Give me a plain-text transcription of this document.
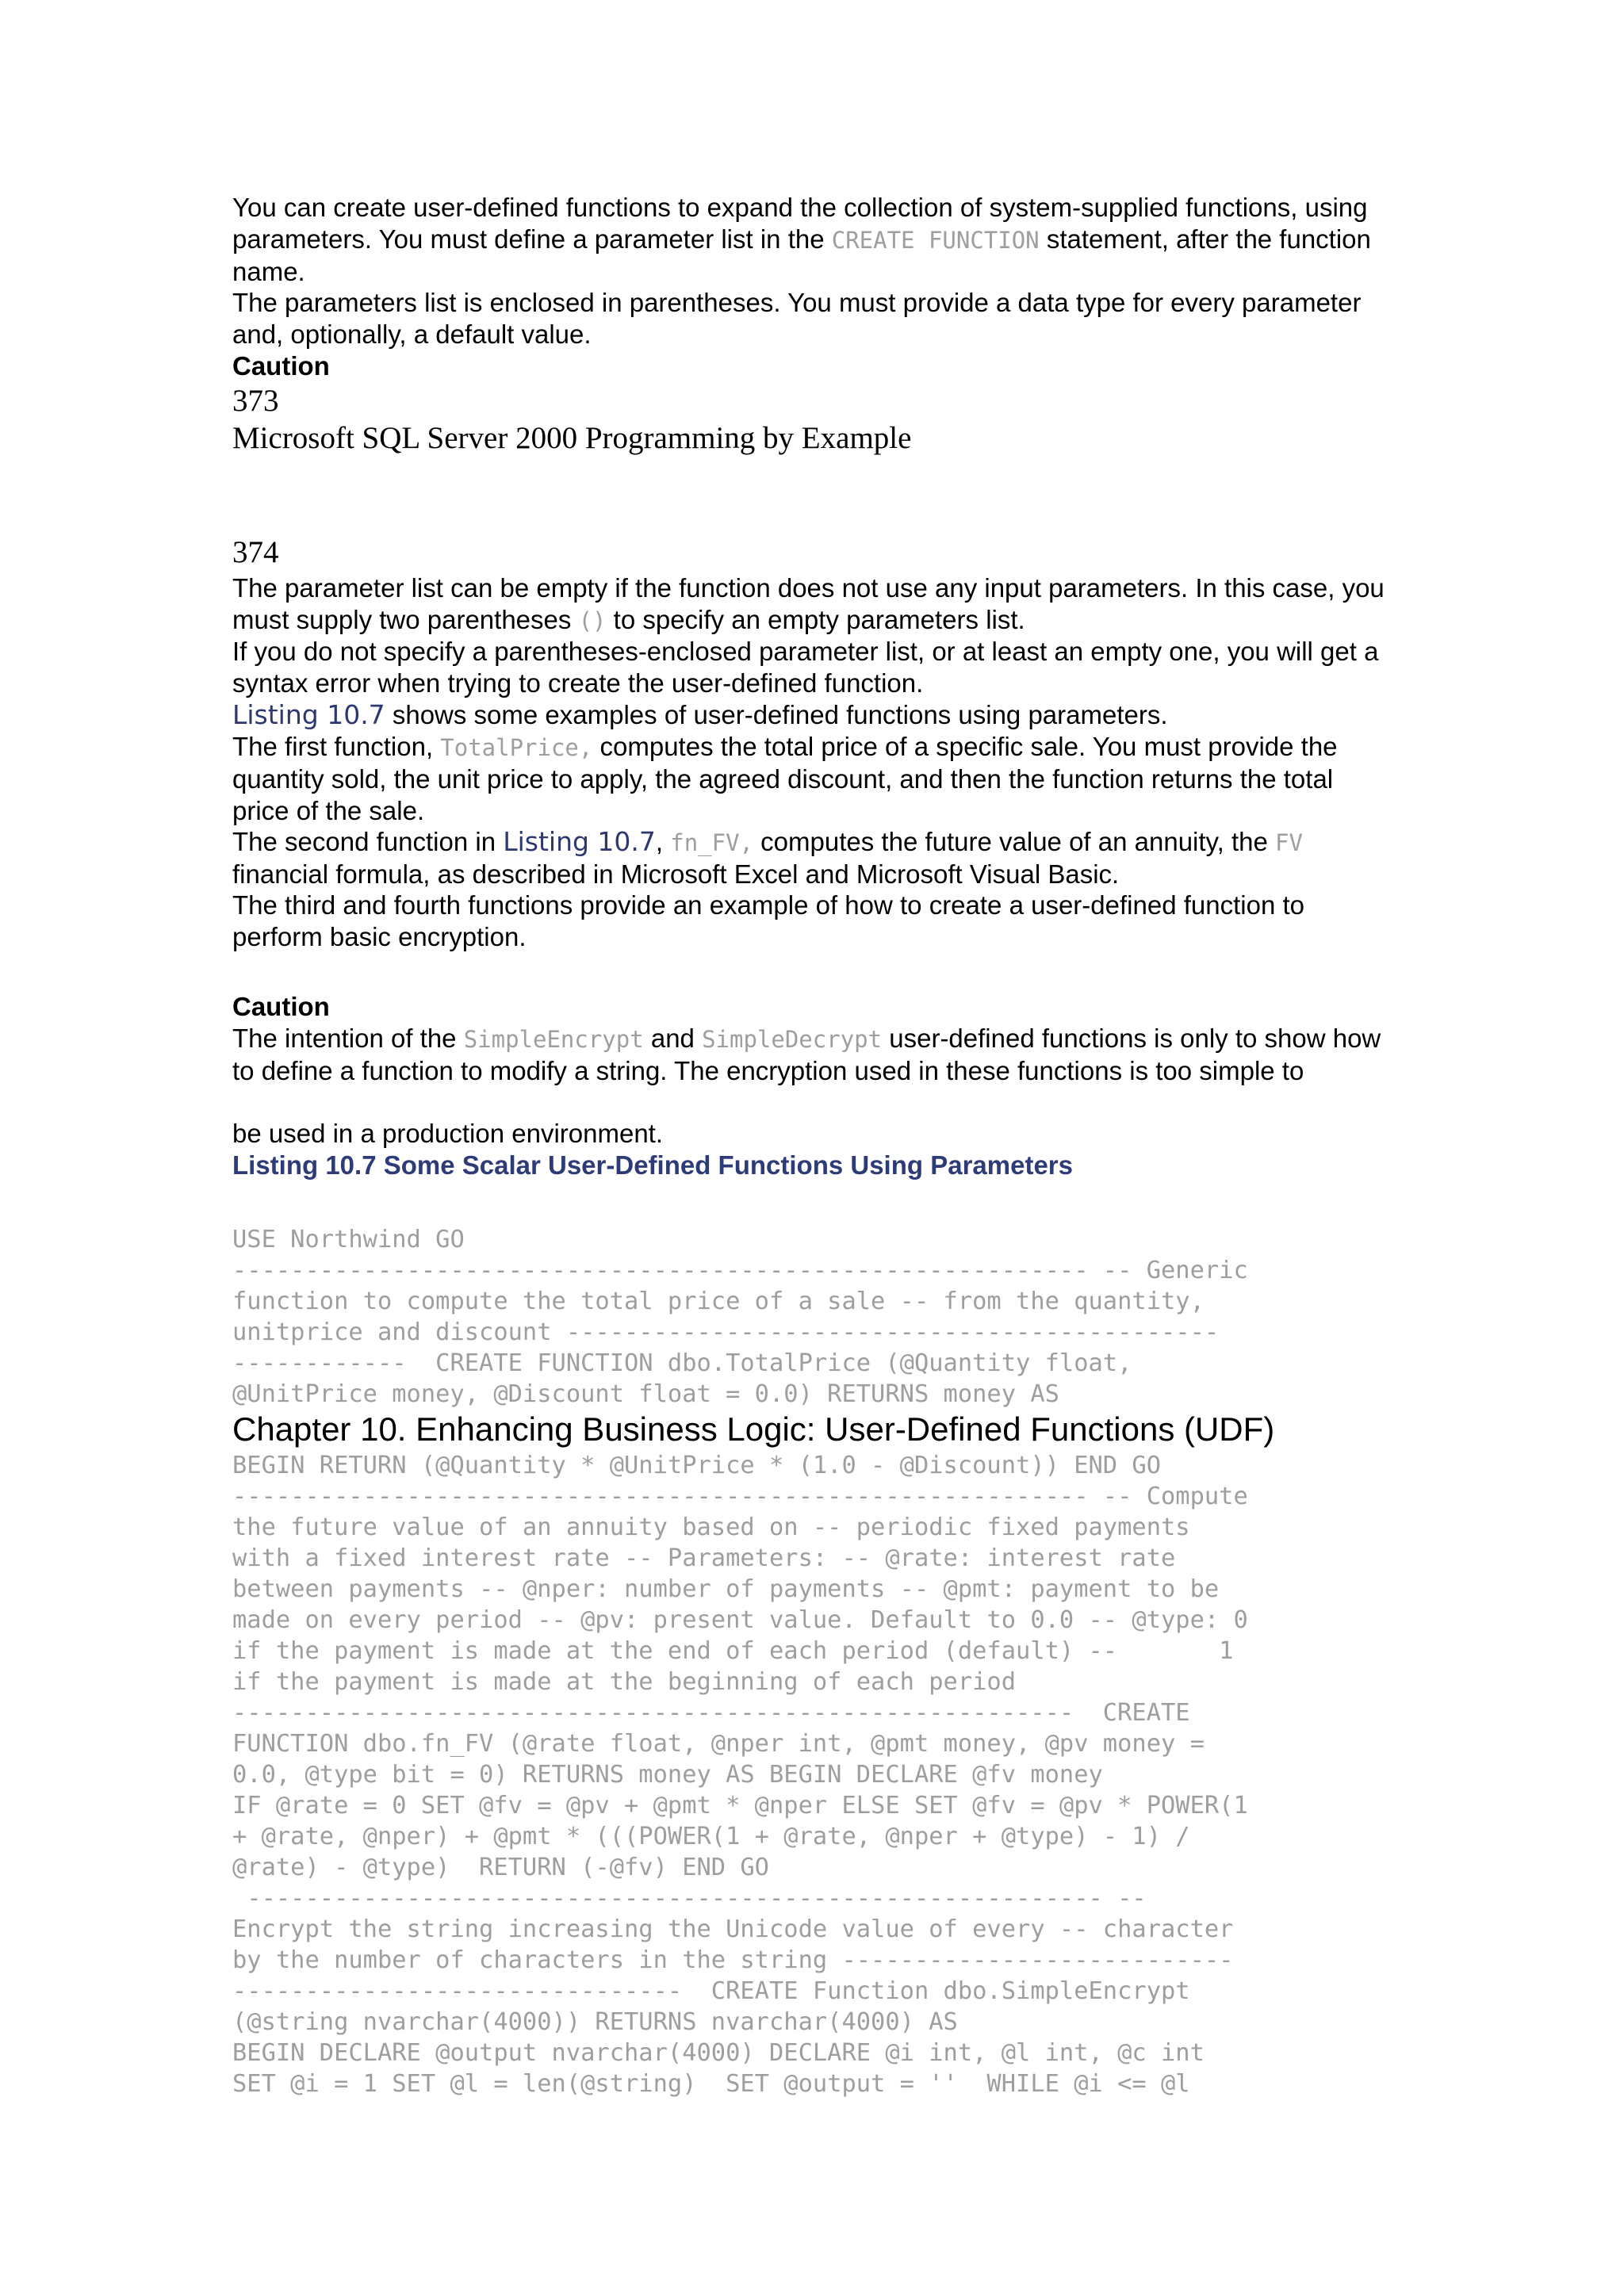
You can create user-defined functions to expand the collection of system-supplied functions, using parameters. You must define a parameter list in the CREATE FUNCTION statement, after the function name.

The parameters list is enclosed in parentheses. You must provide a data type for every parameter and, optionally, a default value.

Caution

373

Microsoft SQL Server 2000 Programming by Example

374

The parameter list can be empty if the function does not use any input parameters. In this case, you must supply two parentheses () to specify an empty parameters list.

If you do not specify a parentheses-enclosed parameter list, or at least an empty one, you will get a syntax error when trying to create the user-defined function.

Listing 10.7 shows some examples of user-defined functions using parameters.

The first function, TotalPrice, computes the total price of a specific sale. You must provide the quantity sold, the unit price to apply, the agreed discount, and then the function returns the total price of the sale.

The second function in Listing 10.7, fn_FV, computes the future value of an annuity, the FV financial formula, as described in Microsoft Excel and Microsoft Visual Basic.

The third and fourth functions provide an example of how to create a user-defined function to perform basic encryption.

Caution

The intention of the SimpleEncrypt and SimpleDecrypt user-defined functions is only to show how to define a function to modify a string. The encryption used in these functions is too simple to

be used in a production environment.

Listing 10.7 Some Scalar User-Defined Functions Using Parameters

USE Northwind GO
----------------------------------------------------------- -- Generic
function to compute the total price of a sale -- from the quantity,
unitprice and discount ---------------------------------------------
------------  CREATE FUNCTION dbo.TotalPrice (@Quantity float,
@UnitPrice money, @Discount float = 0.0) RETURNS money AS

Chapter 10. Enhancing Business Logic: User-Defined Functions (UDF)

BEGIN RETURN (@Quantity * @UnitPrice * (1.0 - @Discount)) END GO
----------------------------------------------------------- -- Compute
the future value of an annuity based on -- periodic fixed payments
with a fixed interest rate -- Parameters: -- @rate: interest rate
between payments -- @nper: number of payments -- @pmt: payment to be
made on every period -- @pv: present value. Default to 0.0 -- @type: 0
if the payment is made at the end of each period (default) --       1
if the payment is made at the beginning of each period
----------------------------------------------------------  CREATE
FUNCTION dbo.fn_FV (@rate float, @nper int, @pmt money, @pv money =
0.0, @type bit = 0) RETURNS money AS BEGIN DECLARE @fv money
IF @rate = 0 SET @fv = @pv + @pmt * @nper ELSE SET @fv = @pv * POWER(1
+ @rate, @nper) + @pmt * (((POWER(1 + @rate, @nper + @type) - 1) /
@rate) - @type)  RETURN (-@fv) END GO
----------------------------------------------------------- --
Encrypt the string increasing the Unicode value of every -- character
by the number of characters in the string ---------------------------
-------------------------------  CREATE Function dbo.SimpleEncrypt
(@string nvarchar(4000)) RETURNS nvarchar(4000) AS
BEGIN DECLARE @output nvarchar(4000) DECLARE @i int, @l int, @c int
SET @i = 1 SET @l = len(@string)  SET @output = ''  WHILE @i <= @l
